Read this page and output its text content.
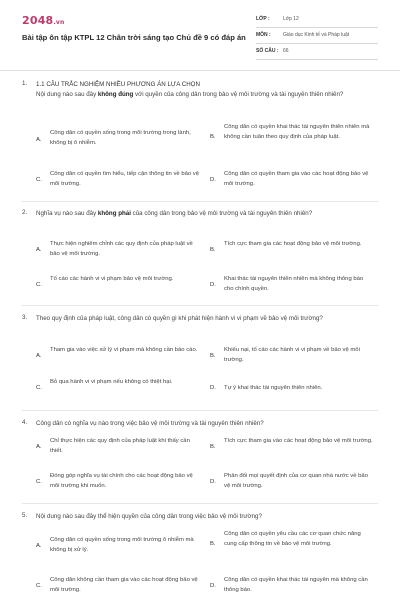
2048.vn
Bài tập ôn tập KTPL 12 Chân trời sáng tạo Chủ đề 9 có đáp án
LỚP :	Lớp 12
MÔN : Giáo dục Kinh tế và Pháp luật
SỐ CÂU : 66
1. 1.1 CÂU TRẮC NGHIỆM NHIỀU PHƯƠNG ÁN LỰA CHỌN
Nội dung nào sau đây không đúng với quyền của công dân trong bảo vệ môi trường và tài nguyên thiên nhiên?
A.
Công dân có quyền sống trong môi trường trong lành, không bị ô nhiễm.
B.
Công dân có quyền khai thác tài nguyên thiên nhiên mà không cần tuân theo quy định của pháp luật.
C.
Công dân có quyền tìm hiểu, tiếp cận thông tin về bảo vệ môi trường.
D.
Công dân có quyền tham gia vào các hoạt động bảo vệ môi trường.
2. Nghĩa vụ nào sau đây không phải của công dân trong bảo vệ môi trường và tài nguyên thiên nhiên?
A.
Thực hiện nghiêm chỉnh các quy định của pháp luật về bảo vệ môi trường.
B.
Tích cực tham gia các hoạt động bảo vệ môi trường.
C.
Tố cáo các hành vi vi phạm bảo vệ môi trường.
D.
Khai thác tài nguyên thiên nhiên mà không thông báo cho chính quyền.
3. Theo quy định của pháp luật, công dân có quyền gì khi phát hiện hành vi vi phạm về bảo vệ môi trường?
A.
Tham gia vào việc xử lý vi phạm mà không cần báo cáo.
B.
Khiếu nại, tố cáo các hành vi vi phạm về bảo vệ môi trường.
C.
Bỏ qua hành vi vi phạm nếu không có thiệt hại.
D. Tự ý khai thác tài nguyên thiên nhiên.
4. Công dân có nghĩa vụ nào trong việc bảo vệ môi trường và tài nguyên thiên nhiên?
A.
Chỉ thực hiện các quy định của pháp luật khi thấy cần thiết.
B.
Tích cực tham gia vào các hoạt động bảo vệ môi trường.
C.
Đóng góp nghĩa vụ tài chính cho các hoạt động bảo vệ môi trường khi muốn.
D.
Phản đối mọi quyết định của cơ quan nhà nước về bảo vệ môi trường.
5. Nội dung nào sau đây thể hiện quyền của công dân trong việc bảo vệ môi trường?
A.
Công dân có quyền sống trong môi trường ô nhiễm mà không bị xử lý.
B.
Công dân có quyền yêu cầu các cơ quan chức năng cung cấp thông tin về bảo vệ môi trường.
C.
Công dân không cần tham gia vào các hoạt động bảo vệ môi trường.
D.
Công dân có quyền khai thác tài nguyên mà không cần thông báo.
